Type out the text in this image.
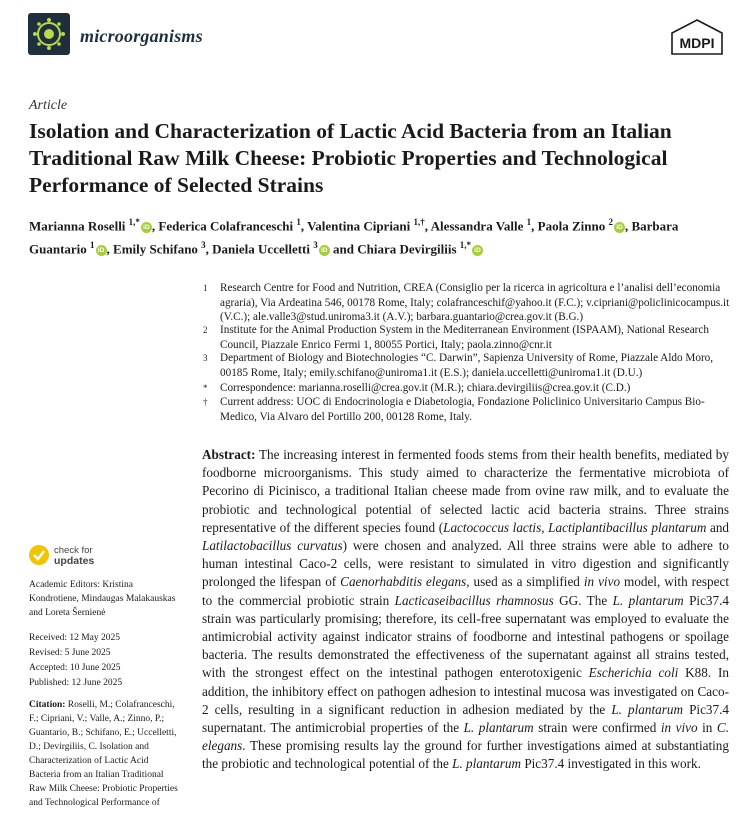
microorganisms	MDPI
Article
Isolation and Characterization of Lactic Acid Bacteria from an Italian Traditional Raw Milk Cheese: Probiotic Properties and Technological Performance of Selected Strains
Marianna Roselli $^{1,*}$iD , Federica Colafranceschi $^1$, Valentina Cipriani $^{1,\dagger}$, Alessandra Valle $^1$, Paola Zinno $^2$iD , Barbara Guantario $^1$iD , Emily Schifano $^3$, Daniela Uccelletti $^3$iD and Chiara Devirgiliis $^{1,*}$iD
1 Research Centre for Food and Nutrition, CREA (Consiglio per la ricerca in agricoltura e l’analisi dell’economia agraria), Via Ardeatina 546, 00178 Rome, Italy; colafranceschif@yahoo.it (F.C.); v.cipriani@policlinicocampus.it (V.C.); ale.valle3@stud.uniroma3.it (A.V.); barbara.guantario@crea.gov.it (B.G.)
2 Institute for the Animal Production System in the Mediterranean Environment (ISPAAM), National Research Council, Piazzale Enrico Fermi 1, 80055 Portici, Italy; paola.zinno@cnr.it
3 Department of Biology and Biotechnologies “C. Darwin”, Sapienza University of Rome, Piazzale Aldo Moro, 00185 Rome, Italy; emily.schifano@uniroma1.it (E.S.); daniela.uccelletti@uniroma1.it (D.U.)
* Correspondence: marianna.roselli@crea.gov.it (M.R.); chiara.devirgiliis@crea.gov.it (C.D.)
† Current address: UOC di Endocrinologia e Diabetologia, Fondazione Policlinico Universitario Campus Bio-Medico, Via Alvaro del Portillo 200, 00128 Rome, Italy.
Abstract: The increasing interest in fermented foods stems from their health benefits, mediated by foodborne microorganisms. This study aimed to characterize the fermentative microbiota of Pecorino di Picinisco, a traditional Italian cheese made from ovine raw milk, and to evaluate the probiotic and technological potential of selected lactic acid bacteria strains. Three strains representative of the different species found (Lactococcus lactis, Lactiplantibacillus plantarum and Latilactobacillus curvatus) were chosen and analyzed. All three strains were able to adhere to human intestinal Caco-2 cells, were resistant to simulated in vitro digestion and significantly prolonged the lifespan of Caenorhabditis elegans, used as a simplified in vivo model, with respect to the commercial probiotic strain Lacticaseibacillus rhamnosus GG. The L. plantarum Pic37.4 strain was particularly promising; therefore, its cell-free supernatant was employed to evaluate the antimicrobial activity against indicator strains of foodborne and intestinal pathogens or spoilage bacteria. The results demonstrated the effectiveness of the supernatant against all strains tested, with the strongest effect on the intestinal pathogen enterotoxigenic Escherichia coli K88. In addition, the inhibitory effect on pathogen adhesion to intestinal mucosa was investigated on Caco-2 cells, resulting in a significant reduction in adhesion mediated by the L. plantarum Pic37.4 supernatant. The antimicrobial properties of the L. plantarum strain were confirmed in vivo in C. elegans. These promising results lay the ground for further investigations aimed at substantiating the probiotic and technological potential of the L. plantarum Pic37.4 investigated in this work.
check for
updates
Academic Editors: Kristina Kondrotiene, Mindaugas Malakauskas and Loreta Šernienė
Received: 12 May 2025
Revised: 5 June 2025
Accepted: 10 June 2025
Published: 12 June 2025
Citation: Roselli, M.; Colafranceschi, F.; Cipriani, V.; Valle, A.; Zinno, P.; Guantario, B.; Schifano, E.; Uccelletti, D.; Devirgiliis, C. Isolation and Characterization of Lactic Acid Bacteria from an Italian Traditional Raw Milk Cheese: Probiotic Properties and Technological Performance of
